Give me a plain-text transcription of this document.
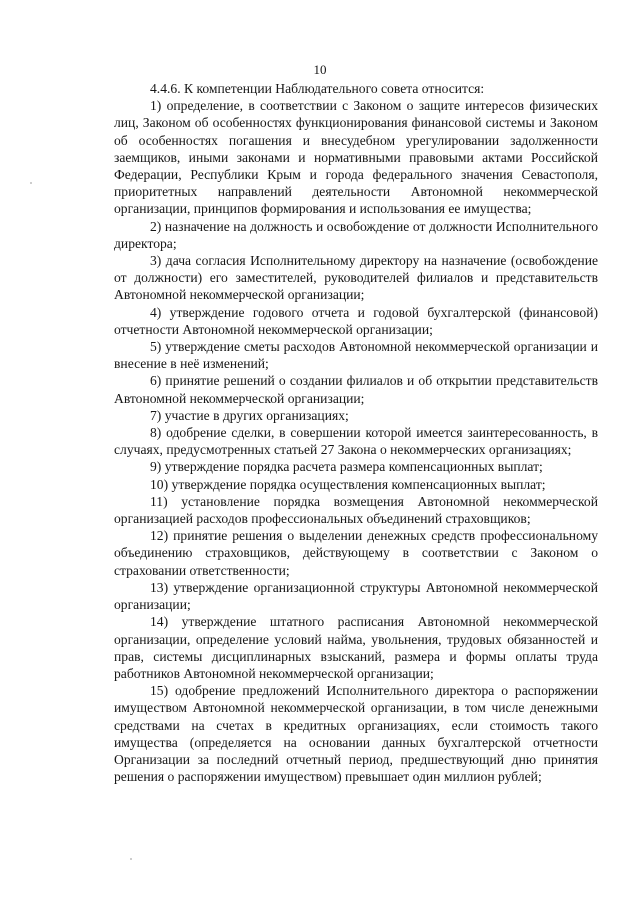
10

4.4.6. К компетенции Наблюдательного совета относится:

1) определение, в соответствии с Законом о защите интересов физических лиц, Законом об особенностях функционирования финансовой системы и Законом об особенностях погашения и внесудебном урегулировании задолженности заемщиков, иными законами и нормативными правовыми актами Российской Федерации, Республики Крым и города федерального значения Севастополя, приоритетных направлений деятельности Автономной некоммерческой организации, принципов формирования и использования ее имущества;

2) назначение на должность и освобождение от должности Исполнительного директора;

3) дача согласия Исполнительному директору на назначение (освобождение от должности) его заместителей, руководителей филиалов и представительств Автономной некоммерческой организации;

4) утверждение годового отчета и годовой бухгалтерской (финансовой) отчетности Автономной некоммерческой организации;

5) утверждение сметы расходов Автономной некоммерческой организации и внесение в неё изменений;

6) принятие решений о создании филиалов и об открытии представительств Автономной некоммерческой организации;

7) участие в других организациях;

8) одобрение сделки, в совершении которой имеется заинтересованность, в случаях, предусмотренных статьей 27 Закона о некоммерческих организациях;

9) утверждение порядка расчета размера компенсационных выплат;

10) утверждение порядка осуществления компенсационных выплат;

11) установление порядка возмещения Автономной некоммерческой организацией расходов профессиональных объединений страховщиков;

12) принятие решения о выделении денежных средств профессиональному объединению страховщиков, действующему в соответствии с Законом о страховании ответственности;

13) утверждение организационной структуры Автономной некоммерческой организации;

14) утверждение штатного расписания Автономной некоммерческой организации, определение условий найма, увольнения, трудовых обязанностей и прав, системы дисциплинарных взысканий, размера и формы оплаты труда работников Автономной некоммерческой организации;

15) одобрение предложений Исполнительного директора о распоряжении имуществом Автономной некоммерческой организации, в том числе денежными средствами на счетах в кредитных организациях, если стоимость такого имущества (определяется на основании данных бухгалтерской отчетности Организации за последний отчетный период, предшествующий дню принятия решения о распоряжении имуществом) превышает один миллион рублей;
